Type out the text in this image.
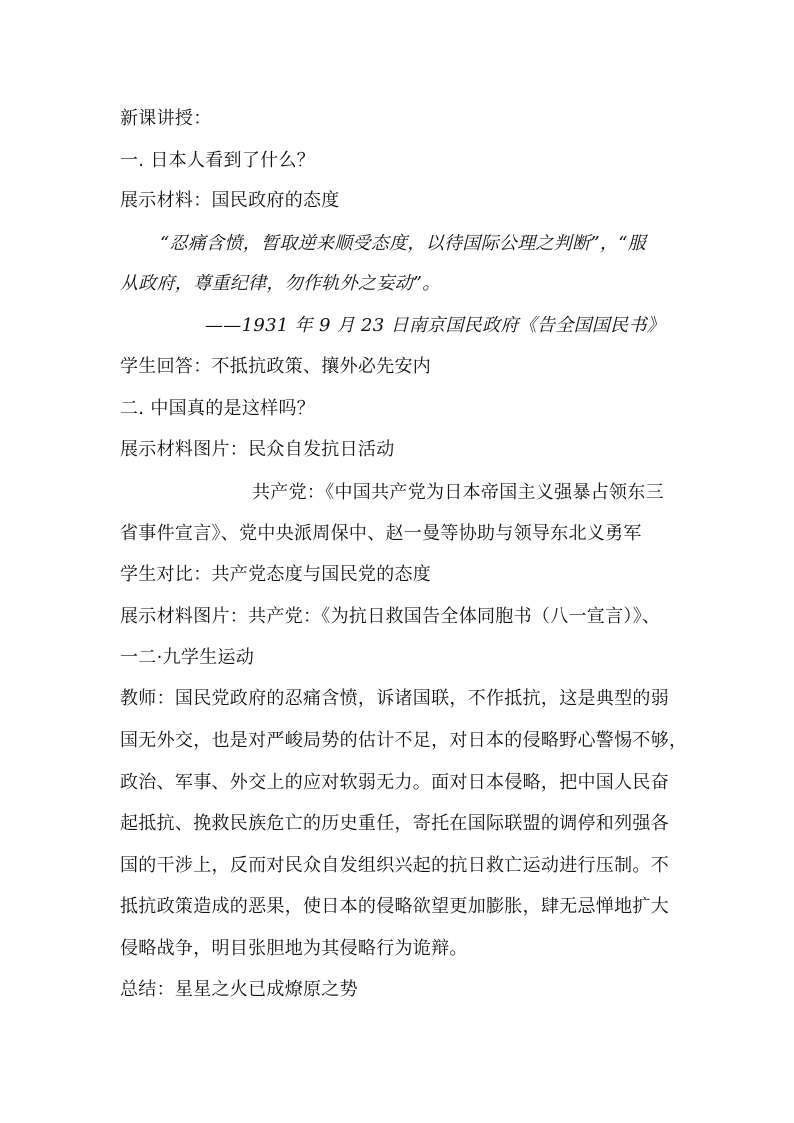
新课讲授：
一. 日本人看到了什么？
展示材料：国民政府的态度
“忍痛含愤，暂取逆来顺受态度，以待国际公理之判断”，“服
从政府，尊重纪律，勿作轨外之妄动”。
——1931 年 9 月 23 日南京国民政府《告全国国民书》
学生回答：不抵抗政策、攘外必先安内
二. 中国真的是这样吗？
展示材料图片：民众自发抗日活动
共产党：《中国共产党为日本帝国主义强暴占领东三
省事件宣言》、党中央派周保中、赵一曼等协助与领导东北义勇军
学生对比：共产党态度与国民党的态度
展示材料图片：共产党：《为抗日救国告全体同胞书（八一宣言）》、
一二·九学生运动
教师：国民党政府的忍痛含愤，诉诸国联，不作抵抗，这是典型的弱
国无外交，也是对严峻局势的估计不足，对日本的侵略野心警惕不够，
政治、军事、外交上的应对软弱无力。面对日本侵略，把中国人民奋
起抵抗、挽救民族危亡的历史重任，寄托在国际联盟的调停和列强各
国的干涉上，反而对民众自发组织兴起的抗日救亡运动进行压制。不
抵抗政策造成的恶果，使日本的侵略欲望更加膨胀，肆无忌惮地扩大
侵略战争，明目张胆地为其侵略行为诡辩。
总结：星星之火已成燎原之势
